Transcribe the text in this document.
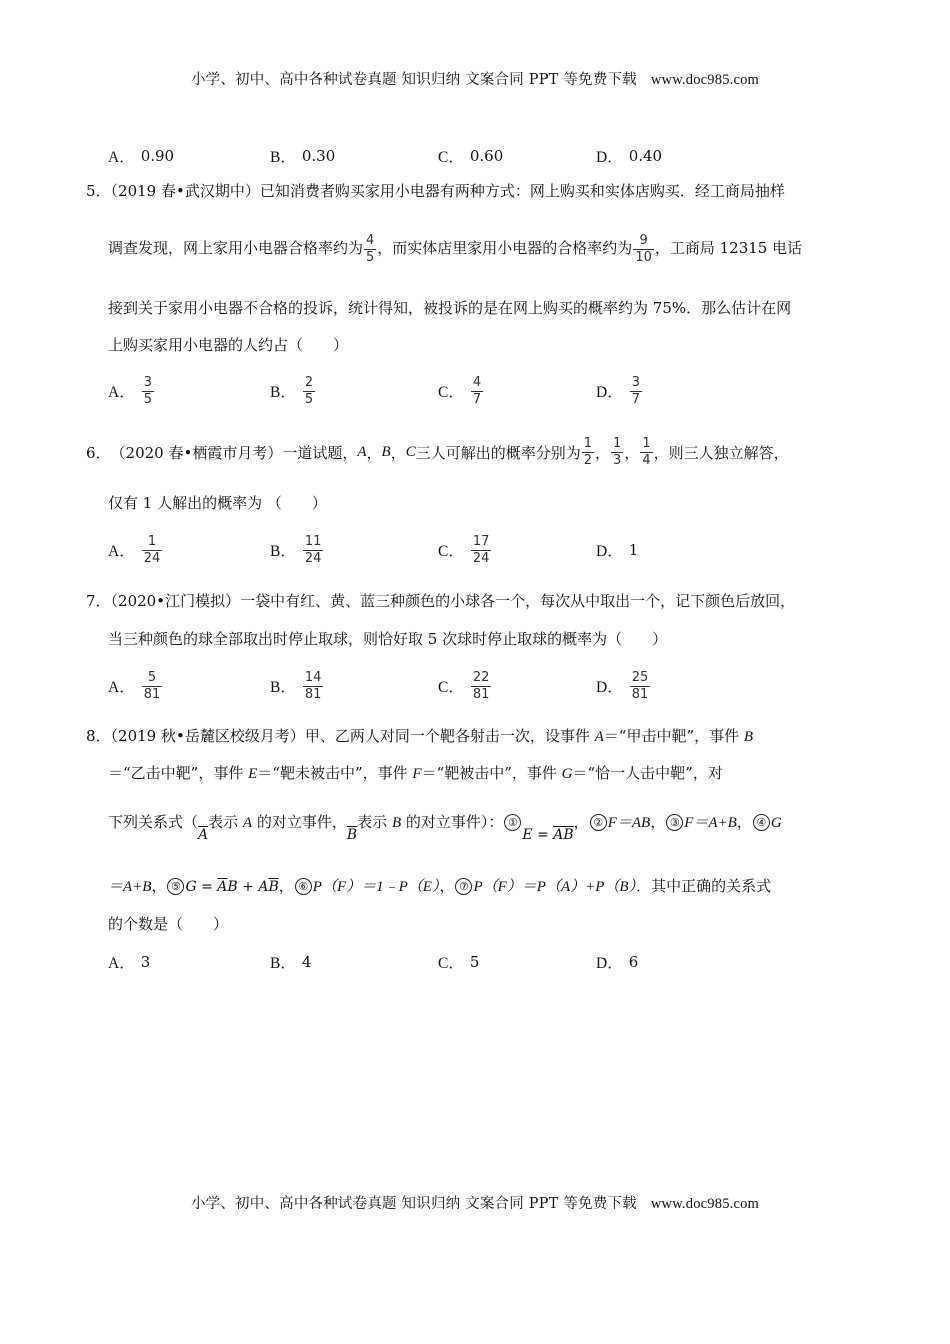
小学、初中、高中各种试卷真题 知识归纳 文案合同 PPT 等免费下载 www.doc985.com
A． 0.90	B． 0.30	C． 0.60	D． 0.40
5．（2019 春•武汉期中）已知消费者购买家用小电器有两种方式：网上购买和实体店购买．经工商局抽样
调查发现，网上家用小电器合格率约为 $\frac{4}{5}$ ，而实体店里家用小电器的合格率约为 $\frac{9}{10}$ ，工商局 12315 电话
接到关于家用小电器不合格的投诉，统计得知，被投诉的是在网上购买的概率约为 75%．那么估计在网
上购买家用小电器的人约占（　　）
A． $\frac{3}{5}$	B． $\frac{2}{5}$	C． $\frac{4}{7}$	D． $\frac{3}{7}$
6． （2020 春•栖霞市月考）一道试题， A ， B ， C 三人可解出的概率分别为 $\frac{1}{2}$ ， $\frac{1}{3}$ ， $\frac{1}{4}$ ，则三人独立解答，
仅有 1 人解出的概率为 （　　）
A． $\frac{1}{24}$	B． $\frac{11}{24}$	C． $\frac{17}{24}$	D． 1
7．（2020•江门模拟）一袋中有红、黄、蓝三种颜色的小球各一个，每次从中取出一个，记下颜色后放回，
当三种颜色的球全部取出时停止取球，则恰好取 5 次球时停止取球的概率为（　　）
A． $\frac{5}{81}$	B． $\frac{14}{81}$	C． $\frac{22}{81}$	D． $\frac{25}{81}$
8．（2019 秋•岳麓区校级月考）甲、乙两人对同一个靶各射击一次，设事件 A＝“甲击中靶”，事件 B
＝“乙击中靶”，事件 E＝“靶未被击中”，事件 F＝“靶被击中”，事件 G＝“恰一人击中靶”，对
下列关系式（$\overline{A}$表示 A 的对立事件，$\overline{B}$表示 B 的对立事件）： ①E = $\overline{AB}$， ② F＝AB， ③ F＝A+B， ④ G
＝A+B， ⑤ $G = \overline{A}B + A\overline{B}$， ⑥ P（F）＝1﹣P（E）， ⑦ P（F）＝P（A）+P（B）．其中正确的关系式
的个数是（　　）
A． 3	B． 4	C． 5	D． 6
小学、初中、高中各种试卷真题 知识归纳 文案合同 PPT 等免费下载 www.doc985.com
